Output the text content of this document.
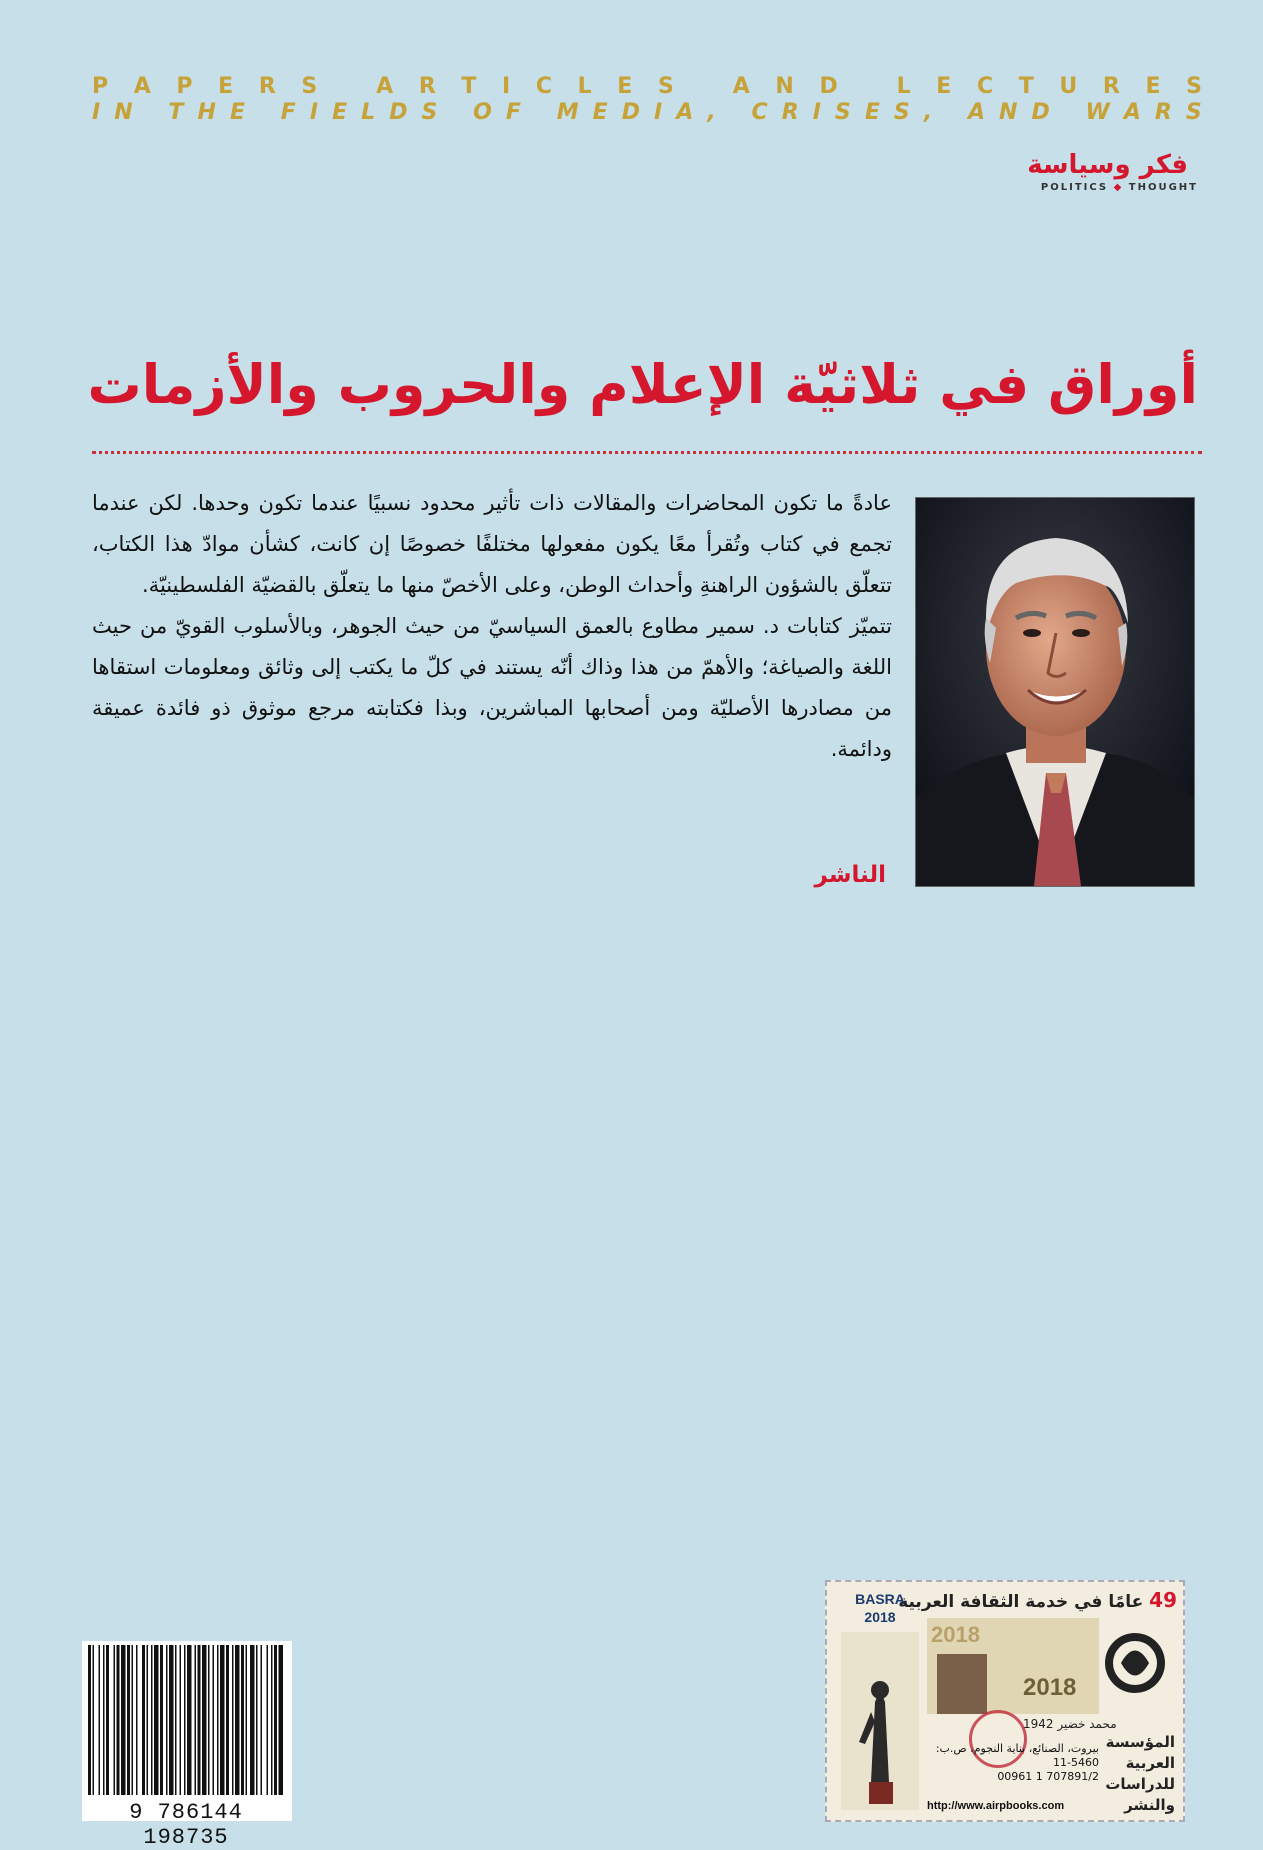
P A P E R S
	A R T I C L E S
	A N D
	L E C T U R E S
I N
T H E
F I E L D S
O F
M E D I A ,
C R I S E S ,
A N D
W A R S
فكر وسياسة
POLITICS ◆ THOUGHT
أوراق في ثلاثيّة الإعلام والحروب والأزمات

عادةً ما تكون المحاضرات والمقالات ذات تأثير محدود نسبيًا عندما تكون وحدها. لكن عندما تجمع في كتاب وتُقرأ معًا يكون مفعولها مختلفًا خصوصًا إن كانت، كشأن موادّ هذا الكتاب، تتعلّق بالشؤون الراهنةِ وأحداث الوطن، وعلى الأخصّ منها ما يتعلّق بالقضيّة الفلسطينيّة.

تتميّز كتابات د. سمير مطاوع بالعمق السياسيّ من حيث الجوهر، وبالأسلوب القويّ من حيث اللغة والصياغة؛ والأهمّ من هذا وذاك أنّه يستند في كلّ ما يكتب إلى وثائق ومعلومات استقاها من مصادرها الأصليّة ومن أصحابها المباشرين، وبذا فكتابته مرجع موثوق ذو فائدة عميقة ودائمة.

الناشر
9 786144 198735
49 عامًا في خدمة الثقافة العربية
BASRA
2018
2018
2018
محمد خضير 1942
بيروت، الصنائع، بناية النجوم، ص.ب: 5460-11
00961 1 707891/2
http://www.airpbooks.com
المؤسسة العربية للدراسات والنشر
